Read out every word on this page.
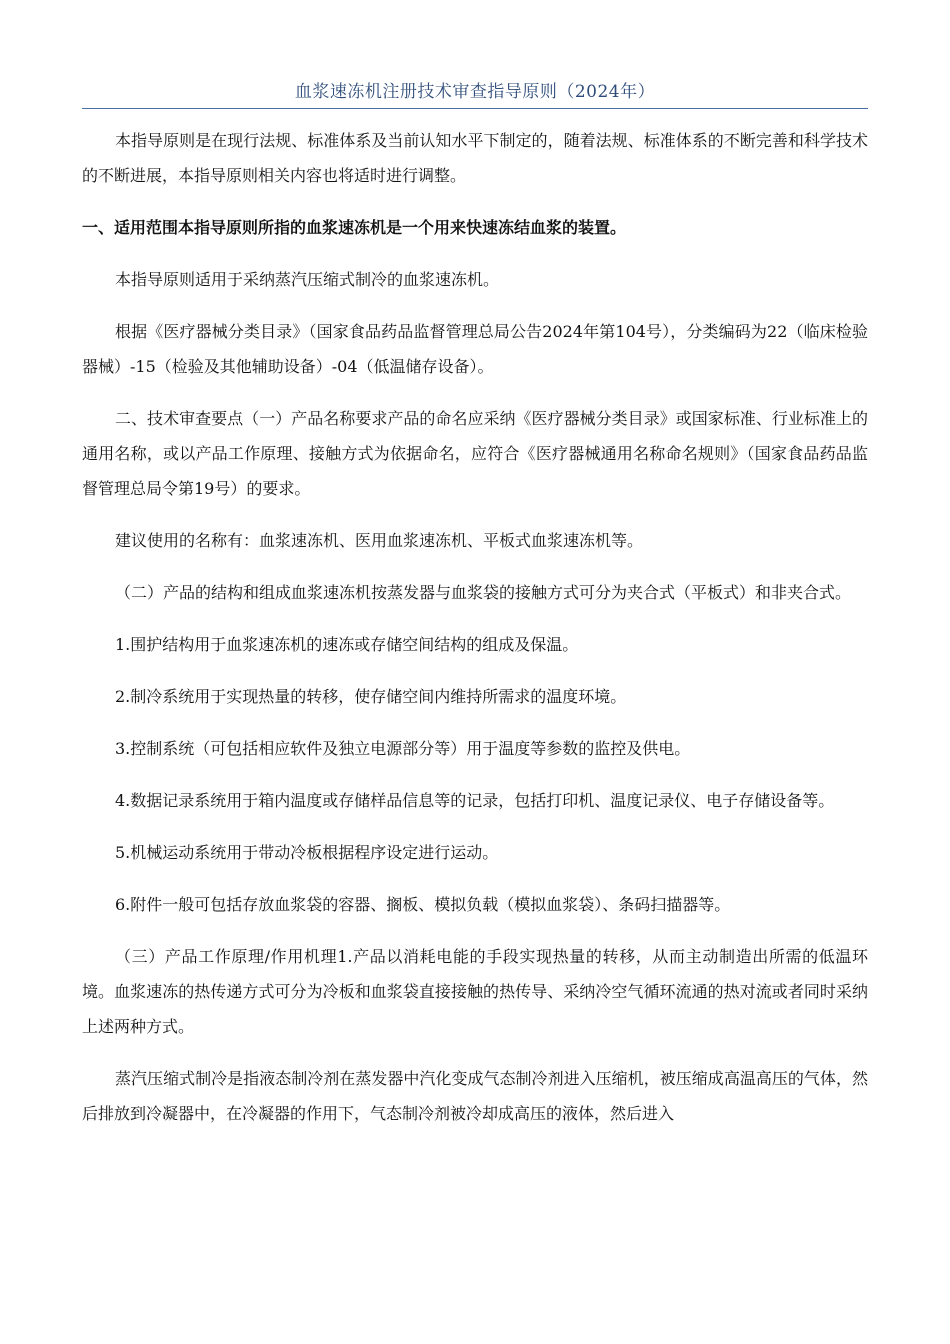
血浆速冻机注册技术审查指导原则（2024年）

本指导原则是在现行法规、标准体系及当前认知水平下制定的，随着法规、标准体系的不断完善和科学技术的不断进展，本指导原则相关内容也将适时进行调整。

一、适用范围本指导原则所指的血浆速冻机是一个用来快速冻结血浆的装置。

本指导原则适用于采纳蒸汽压缩式制冷的血浆速冻机。

根据《医疗器械分类目录》（国家食品药品监督管理总局公告2024年第104号），分类编码为22（临床检验器械）-15（检验及其他辅助设备）-04（低温储存设备）。

二、技术审查要点（一）产品名称要求产品的命名应采纳《医疗器械分类目录》或国家标准、行业标准上的通用名称，或以产品工作原理、接触方式为依据命名，应符合《医疗器械通用名称命名规则》（国家食品药品监督管理总局令第19号）的要求。

建议使用的名称有：血浆速冻机、医用血浆速冻机、平板式血浆速冻机等。

（二）产品的结构和组成血浆速冻机按蒸发器与血浆袋的接触方式可分为夹合式（平板式）和非夹合式。

1.围护结构用于血浆速冻机的速冻或存储空间结构的组成及保温。

2.制冷系统用于实现热量的转移，使存储空间内维持所需求的温度环境。

3.控制系统（可包括相应软件及独立电源部分等）用于温度等参数的监控及供电。

4.数据记录系统用于箱内温度或存储样品信息等的记录，包括打印机、温度记录仪、电子存储设备等。

5.机械运动系统用于带动冷板根据程序设定进行运动。

6.附件一般可包括存放血浆袋的容器、搁板、模拟负载（模拟血浆袋）、条码扫描器等。

（三）产品工作原理/作用机理1.产品以消耗电能的手段实现热量的转移，从而主动制造出所需的低温环境。血浆速冻的热传递方式可分为冷板和血浆袋直接接触的热传导、采纳冷空气循环流通的热对流或者同时采纳上述两种方式。

蒸汽压缩式制冷是指液态制冷剂在蒸发器中汽化变成气态制冷剂进入压缩机，被压缩成高温高压的气体，然后排放到冷凝器中，在冷凝器的作用下，气态制冷剂被冷却成高压的液体，然后进入
